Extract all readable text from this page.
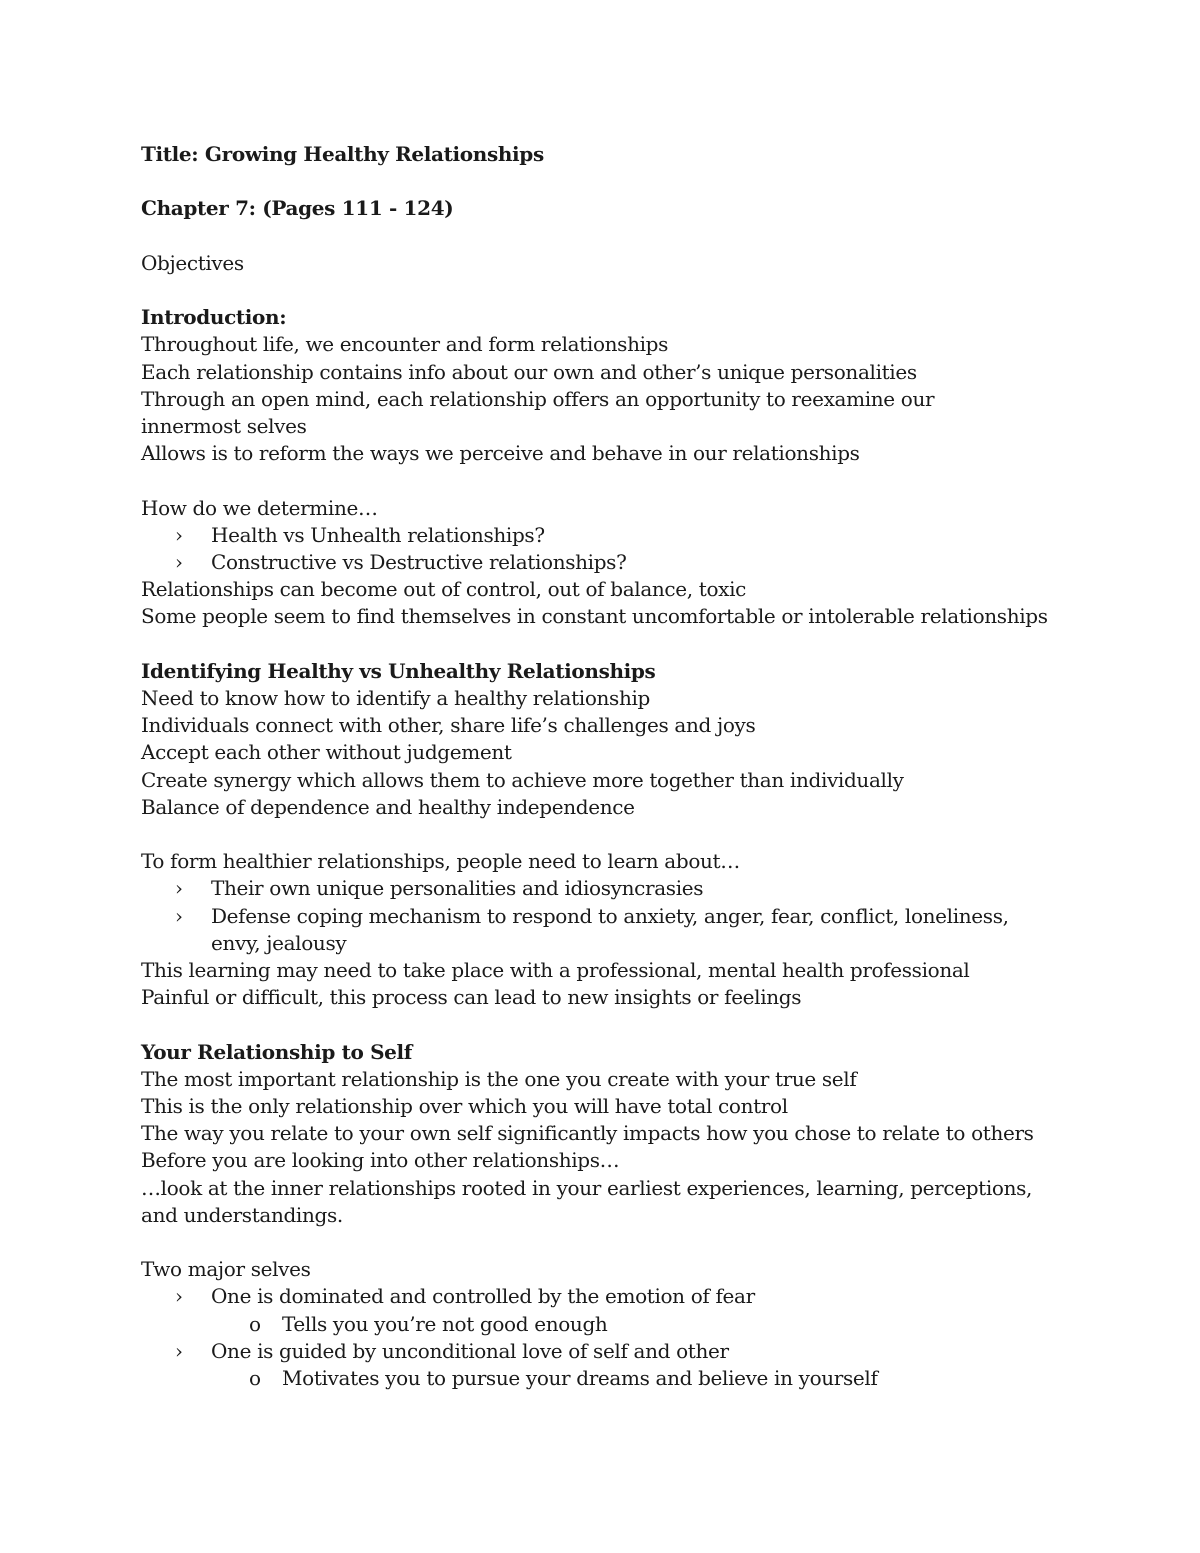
Title: Growing Healthy Relationships

Chapter 7: (Pages 111 - 124)

Objectives

Introduction:

Throughout life, we encounter and form relationships

Each relationship contains info about our own and other’s unique personalities

Through an open mind, each relationship offers an opportunity to reexamine our innermost selves

Allows is to reform the ways we perceive and behave in our relationships

How do we determine…

› Health vs Unhealth relationships?

› Constructive vs Destructive relationships?

Relationships can become out of control, out of balance, toxic

Some people seem to find themselves in constant uncomfortable or intolerable relationships

Identifying Healthy vs Unhealthy Relationships

Need to know how to identify a healthy relationship

Individuals connect with other, share life’s challenges and joys

Accept each other without judgement

Create synergy which allows them to achieve more together than individually

Balance of dependence and healthy independence

To form healthier relationships, people need to learn about…

› Their own unique personalities and idiosyncrasies

› Defense coping mechanism to respond to anxiety, anger, fear, conflict, loneliness, envy, jealousy

This learning may need to take place with a professional, mental health professional

Painful or difficult, this process can lead to new insights or feelings

Your Relationship to Self

The most important relationship is the one you create with your true self

This is the only relationship over which you will have total control

The way you relate to your own self significantly impacts how you chose to relate to others

Before you are looking into other relationships…

…look at the inner relationships rooted in your earliest experiences, learning, perceptions, and understandings.

Two major selves

› One is dominated and controlled by the emotion of fear

o Tells you you’re not good enough

› One is guided by unconditional love of self and other

o Motivates you to pursue your dreams and believe in yourself
